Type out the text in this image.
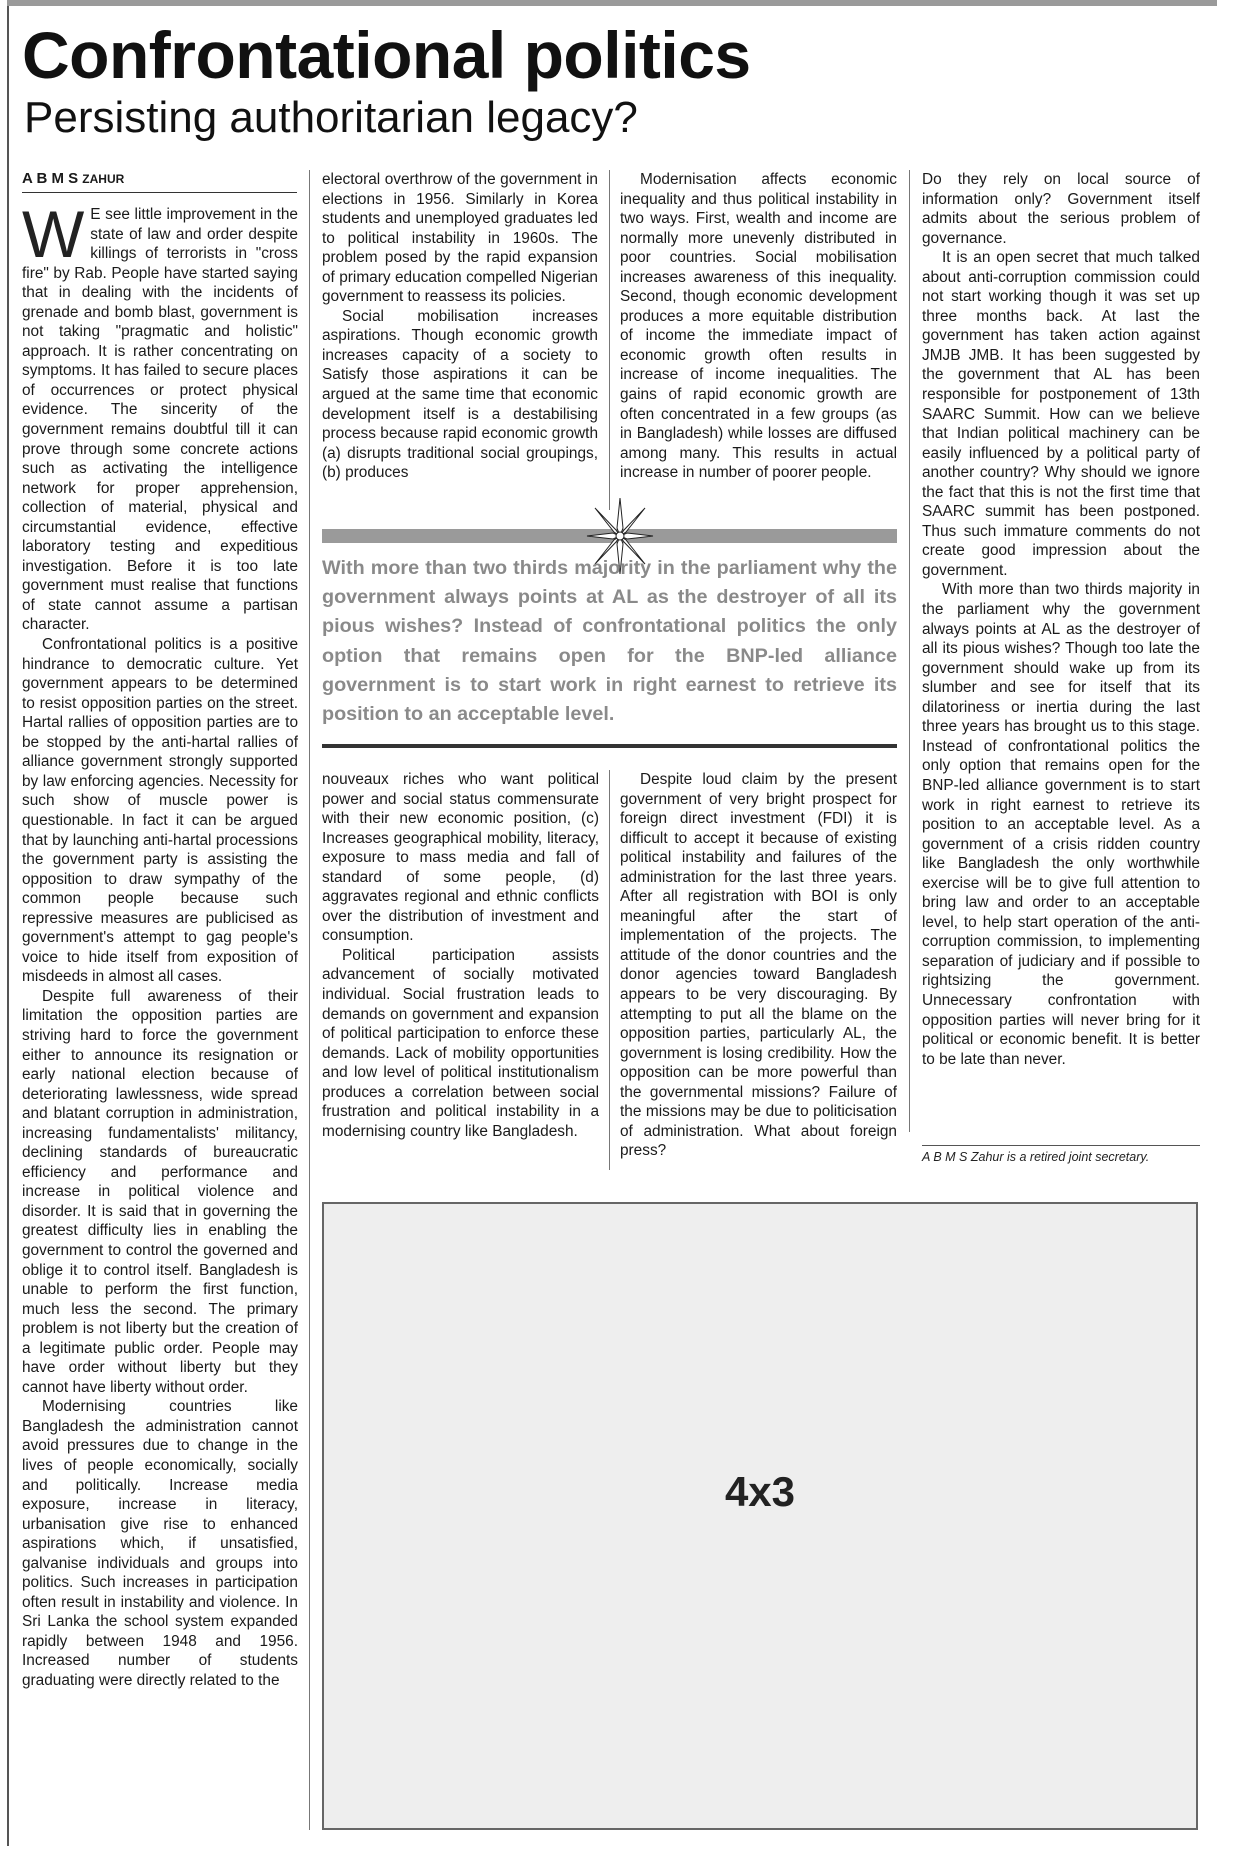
Confrontational politics
Persisting authoritarian legacy?
A B M S ZAHUR

W E see little improvement in the state of law and order despite killings of terrorists in "cross fire" by Rab. People have started saying that in dealing with the incidents of grenade and bomb blast, government is not taking "pragmatic and holistic" approach. It is rather concentrating on symptoms. It has failed to secure places of occurrences or protect physical evidence. The sincerity of the government remains doubtful till it can prove through some concrete actions such as activating the intelligence network for proper apprehension, collection of material, physical and circumstantial evidence, effective laboratory testing and expeditious investigation. Before it is too late government must realise that functions of state cannot assume a partisan character.

Confrontational politics is a positive hindrance to democratic culture. Yet government appears to be determined to resist opposition parties on the street. Hartal rallies of opposition parties are to be stopped by the anti-hartal rallies of alliance government strongly supported by law enforcing agencies. Necessity for such show of muscle power is questionable. In fact it can be argued that by launching anti-hartal processions the government party is assisting the opposition to draw sympathy of the common people because such repressive measures are publicised as government's attempt to gag people's voice to hide itself from exposition of misdeeds in almost all cases.

Despite full awareness of their limitation the opposition parties are striving hard to force the government either to announce its resignation or early national election because of deteriorating lawlessness, wide spread and blatant corruption in administration, increasing fundamentalists' militancy, declining standards of bureaucratic efficiency and performance and increase in political violence and disorder. It is said that in governing the greatest difficulty lies in enabling the government to control the governed and oblige it to control itself. Bangladesh is unable to perform the first function, much less the second. The primary problem is not liberty but the creation of a legitimate public order. People may have order without liberty but they cannot have liberty without order.

Modernising countries like Bangladesh the administration cannot avoid pressures due to change in the lives of people economically, socially and politically. Increase media exposure, increase in literacy, urbanisation give rise to enhanced aspirations which, if unsatisfied, galvanise individuals and groups into politics. Such increases in participation often result in instability and violence. In Sri Lanka the school system expanded rapidly between 1948 and 1956. Increased number of students graduating were directly related to the

electoral overthrow of the government in elections in 1956. Similarly in Korea students and unemployed graduates led to political instability in 1960s. The problem posed by the rapid expansion of primary education compelled Nigerian government to reassess its policies.

Social mobilisation increases aspirations. Though economic growth increases capacity of a society to Satisfy those aspirations it can be argued at the same time that economic development itself is a destabilising process because rapid economic growth (a) disrupts traditional social groupings, (b) produces

Modernisation affects economic inequality and thus political instability in two ways. First, wealth and income are normally more unevenly distributed in poor countries. Social mobilisation increases awareness of this inequality. Second, though economic development produces a more equitable distribution of income the immediate impact of economic growth often results in increase of income inequalities. The gains of rapid economic growth are often concentrated in a few groups (as in Bangladesh) while losses are diffused among many. This results in actual increase in number of poorer people.

Do they rely on local source of information only? Government itself admits about the serious problem of governance.

It is an open secret that much talked about anti-corruption commission could not start working though it was set up three months back. At last the government has taken action against JMJB JMB. It has been suggested by the government that AL has been responsible for postponement of 13th SAARC Summit. How can we believe that Indian political machinery can be easily influenced by a political party of another country? Why should we ignore the fact that this is not the first time that SAARC summit has been postponed. Thus such immature comments do not create good impression about the government.

With more than two thirds majority in the parliament why the government always points at AL as the destroyer of all its pious wishes? Though too late the government should wake up from its slumber and see for itself that its dilatoriness or inertia during the last three years has brought us to this stage. Instead of confrontational politics the only option that remains open for the BNP-led alliance government is to start work in right earnest to retrieve its position to an acceptable level. As a government of a crisis ridden country like Bangladesh the only worthwhile exercise will be to give full attention to bring law and order to an acceptable level, to help start operation of the anti-corruption commission, to implementing separation of judiciary and if possible to rightsizing the government. Unnecessary confrontation with opposition parties will never bring for it political or economic benefit. It is better to be late than never.

With more than two thirds majority in the parliament why the government always points at AL as the destroyer of all its pious wishes? Instead of confrontational politics the only option that remains open for the BNP-led alliance government is to start work in right earnest to retrieve its position to an acceptable level.

nouveaux riches who want political power and social status commensurate with their new economic position, (c) Increases geographical mobility, literacy, exposure to mass media and fall of standard of some people, (d) aggravates regional and ethnic conflicts over the distribution of investment and consumption.

Political participation assists advancement of socially motivated individual. Social frustration leads to demands on government and expansion of political participation to enforce these demands. Lack of mobility opportunities and low level of political institutionalism produces a correlation between social frustration and political instability in a modernising country like Bangladesh.

Despite loud claim by the present government of very bright prospect for foreign direct investment (FDI) it is difficult to accept it because of existing political instability and failures of the administration for the last three years. After all registration with BOI is only meaningful after the start of implementation of the projects. The attitude of the donor countries and the donor agencies toward Bangladesh appears to be very discouraging. By attempting to put all the blame on the opposition parties, particularly AL, the government is losing credibility. How the opposition can be more powerful than the governmental missions? Failure of the missions may be due to politicisation of administration. What about foreign press?	A B M S Zahur is a retired joint secretary.
4x3
